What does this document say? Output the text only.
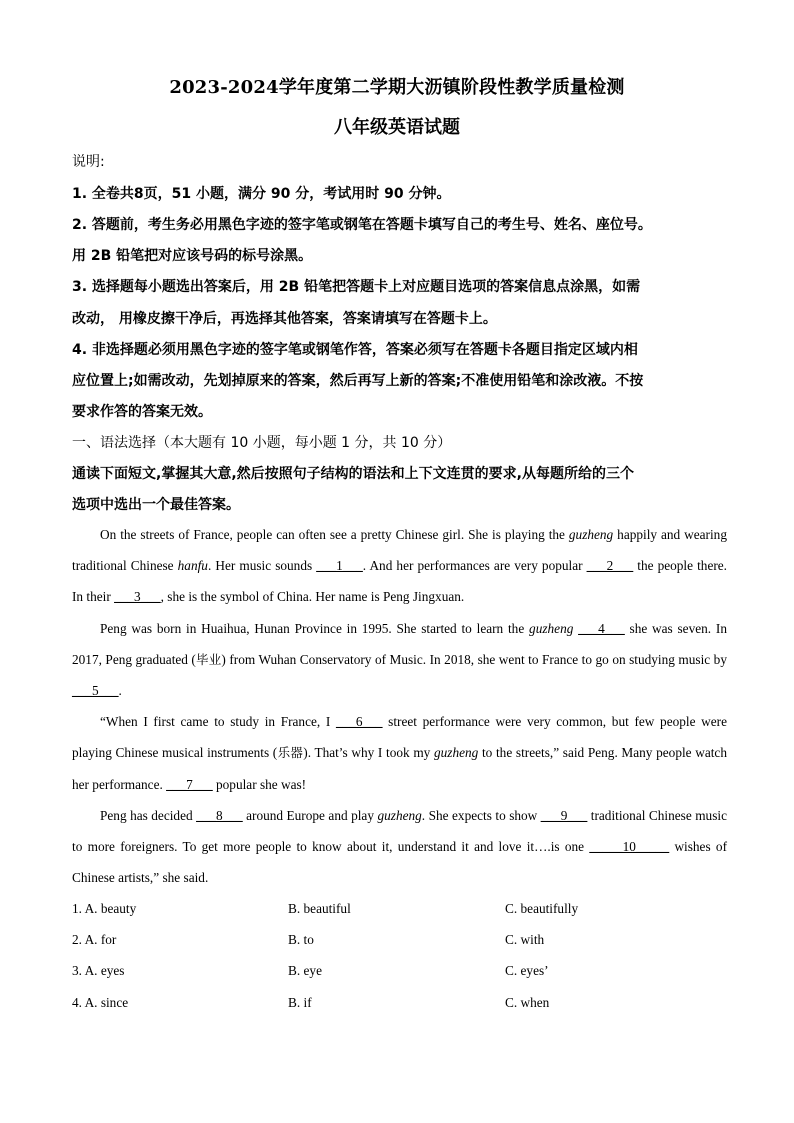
2023-2024学年度第二学期大沥镇阶段性教学质量检测
八年级英语试题
说明:
1. 全卷共8页，51 小题，满分 90 分，考试用时 90 分钟。
2. 答题前，考生务必用黑色字迹的签字笔或钢笔在答题卡填写自己的考生号、姓名、座位号。
用 2B 铅笔把对应该号码的标号涂黑。
3. 选择题每小题选出答案后，用 2B 铅笔把答题卡上对应题目选项的答案信息点涂黑，如需
改动， 用橡皮擦干净后，再选择其他答案，答案请填写在答题卡上。
4. 非选择题必须用黑色字迹的签字笔或钢笔作答，答案必须写在答题卡各题目指定区域内相
应位置上;如需改动，先划掉原来的答案，然后再写上新的答案;不准使用铅笔和涂改液。不按
要求作答的答案无效。
一、语法选择（本大题有 10 小题，每小题 1 分，共 10 分）
通读下面短文,掌握其大意,然后按照句子结构的语法和上下文连贯的要求,从每题所给的三个
选项中选出一个最佳答案。

On the streets of France, people can often see a pretty Chinese girl. She is playing the guzheng happily and wearing traditional Chinese hanfu. Her music sounds ___1___. And her performances are very popular ___2___ the people there. In their ___3___, she is the symbol of China. Her name is Peng Jingxuan.

Peng was born in Huaihua, Hunan Province in 1995. She started to learn the guzheng ___4___ she was seven. In 2017, Peng graduated (毕业) from Wuhan Conservatory of Music. In 2018, she went to France to go on studying music by ___5___.

“When I first came to study in France, I ___6___ street performance were very common, but few people were playing Chinese musical instruments (乐器). That’s why I took my guzheng to the streets,” said Peng. Many people watch her performance. ___7___ popular she was!

Peng has decided ___8___ around Europe and play guzheng. She expects to show ___9___ traditional Chinese music to more foreigners. To get more people to know about it, understand it and love it….is one _____10_____ wishes of Chinese artists,” she said.

1. A. beauty	B. beautiful	C. beautifully
2. A. for	B. to	C. with
3. A. eyes	B. eye	C. eyes’
4. A. since	B. if	C. when
